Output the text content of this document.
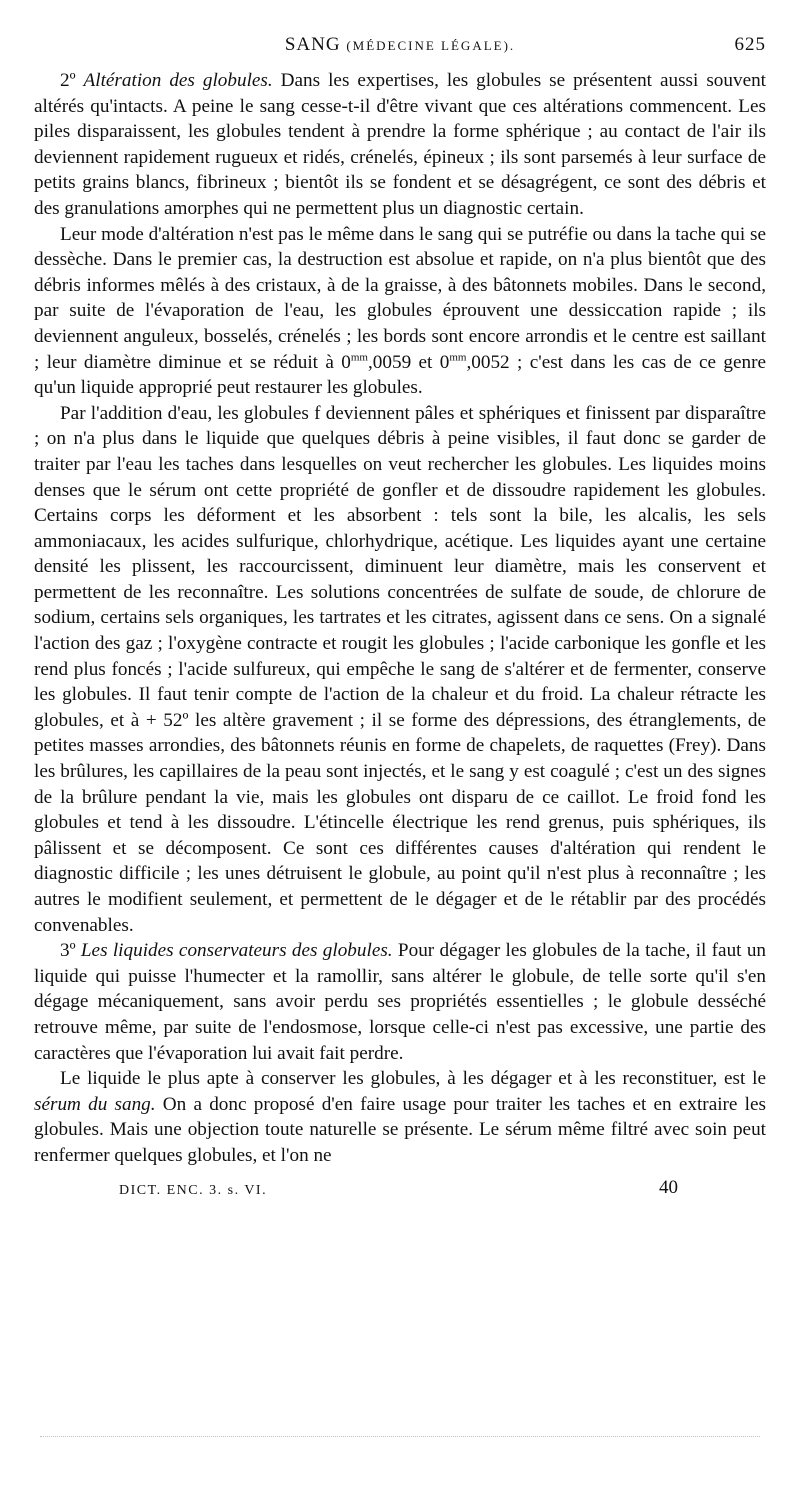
SANG (MÉDECINE LÉGALE).	625

2º Altération des globules. Dans les expertises, les globules se présentent aussi souvent altérés qu'intacts. A peine le sang cesse-t-il d'être vivant que ces altérations commencent. Les piles disparaissent, les globules tendent à prendre la forme sphérique ; au contact de l'air ils deviennent rapidement rugueux et ridés, crénelés, épineux ; ils sont parsemés à leur surface de petits grains blancs, fibrineux ; bientôt ils se fondent et se désagrégent, ce sont des débris et des granulations amorphes qui ne permettent plus un diagnostic certain.

Leur mode d'altération n'est pas le même dans le sang qui se putréfie ou dans la tache qui se dessèche. Dans le premier cas, la destruction est absolue et rapide, on n'a plus bientôt que des débris informes mêlés à des cristaux, à de la graisse, à des bâtonnets mobiles. Dans le second, par suite de l'évaporation de l'eau, les globules éprouvent une dessiccation rapide ; ils deviennent anguleux, bosselés, crénelés ; les bords sont encore arrondis et le centre est saillant ; leur diamètre diminue et se réduit à $0^{mm},0059$ et $0^{mm},0052$ ; c'est dans les cas de ce genre qu'un liquide approprié peut restaurer les globules.

Par l'addition d'eau, les globules f deviennent pâles et sphériques et finissent par disparaître ; on n'a plus dans le liquide que quelques débris à peine visibles, il faut donc se garder de traiter par l'eau les taches dans lesquelles on veut rechercher les globules. Les liquides moins denses que le sérum ont cette propriété de gonfler et de dissoudre rapidement les globules. Certains corps les déforment et les absorbent : tels sont la bile, les alcalis, les sels ammoniacaux, les acides sulfurique, chlorhydrique, acétique. Les liquides ayant une certaine densité les plissent, les raccourcissent, diminuent leur diamètre, mais les conservent et permettent de les reconnaître. Les solutions concentrées de sulfate de soude, de chlorure de sodium, certains sels organiques, les tartrates et les citrates, agissent dans ce sens. On a signalé l'action des gaz ; l'oxygène contracte et rougit les globules ; l'acide carbonique les gonfle et les rend plus foncés ; l'acide sulfureux, qui empêche le sang de s'altérer et de fermenter, conserve les globules. Il faut tenir compte de l'action de la chaleur et du froid. La chaleur rétracte les globules, et à + 52º les altère gravement ; il se forme des dépressions, des étranglements, de petites masses arrondies, des bâtonnets réunis en forme de chapelets, de raquettes (Frey). Dans les brûlures, les capillaires de la peau sont injectés, et le sang y est coagulé ; c'est un des signes de la brûlure pendant la vie, mais les globules ont disparu de ce caillot. Le froid fond les globules et tend à les dissoudre. L'étincelle électrique les rend grenus, puis sphériques, ils pâlissent et se décomposent. Ce sont ces différentes causes d'altération qui rendent le diagnostic difficile ; les unes détruisent le globule, au point qu'il n'est plus à reconnaître ; les autres le modifient seulement, et permettent de le dégager et de le rétablir par des procédés convenables.

3º Les liquides conservateurs des globules. Pour dégager les globules de la tache, il faut un liquide qui puisse l'humecter et la ramollir, sans altérer le globule, de telle sorte qu'il s'en dégage mécaniquement, sans avoir perdu ses propriétés essentielles ; le globule desséché retrouve même, par suite de l'endosmose, lorsque celle-ci n'est pas excessive, une partie des caractères que l'évaporation lui avait fait perdre.

Le liquide le plus apte à conserver les globules, à les dégager et à les reconstituer, est le sérum du sang. On a donc proposé d'en faire usage pour traiter les taches et en extraire les globules. Mais une objection toute naturelle se présente. Le sérum même filtré avec soin peut renfermer quelques globules, et l'on ne

DICT. ENC. 3. s. VI.	40
